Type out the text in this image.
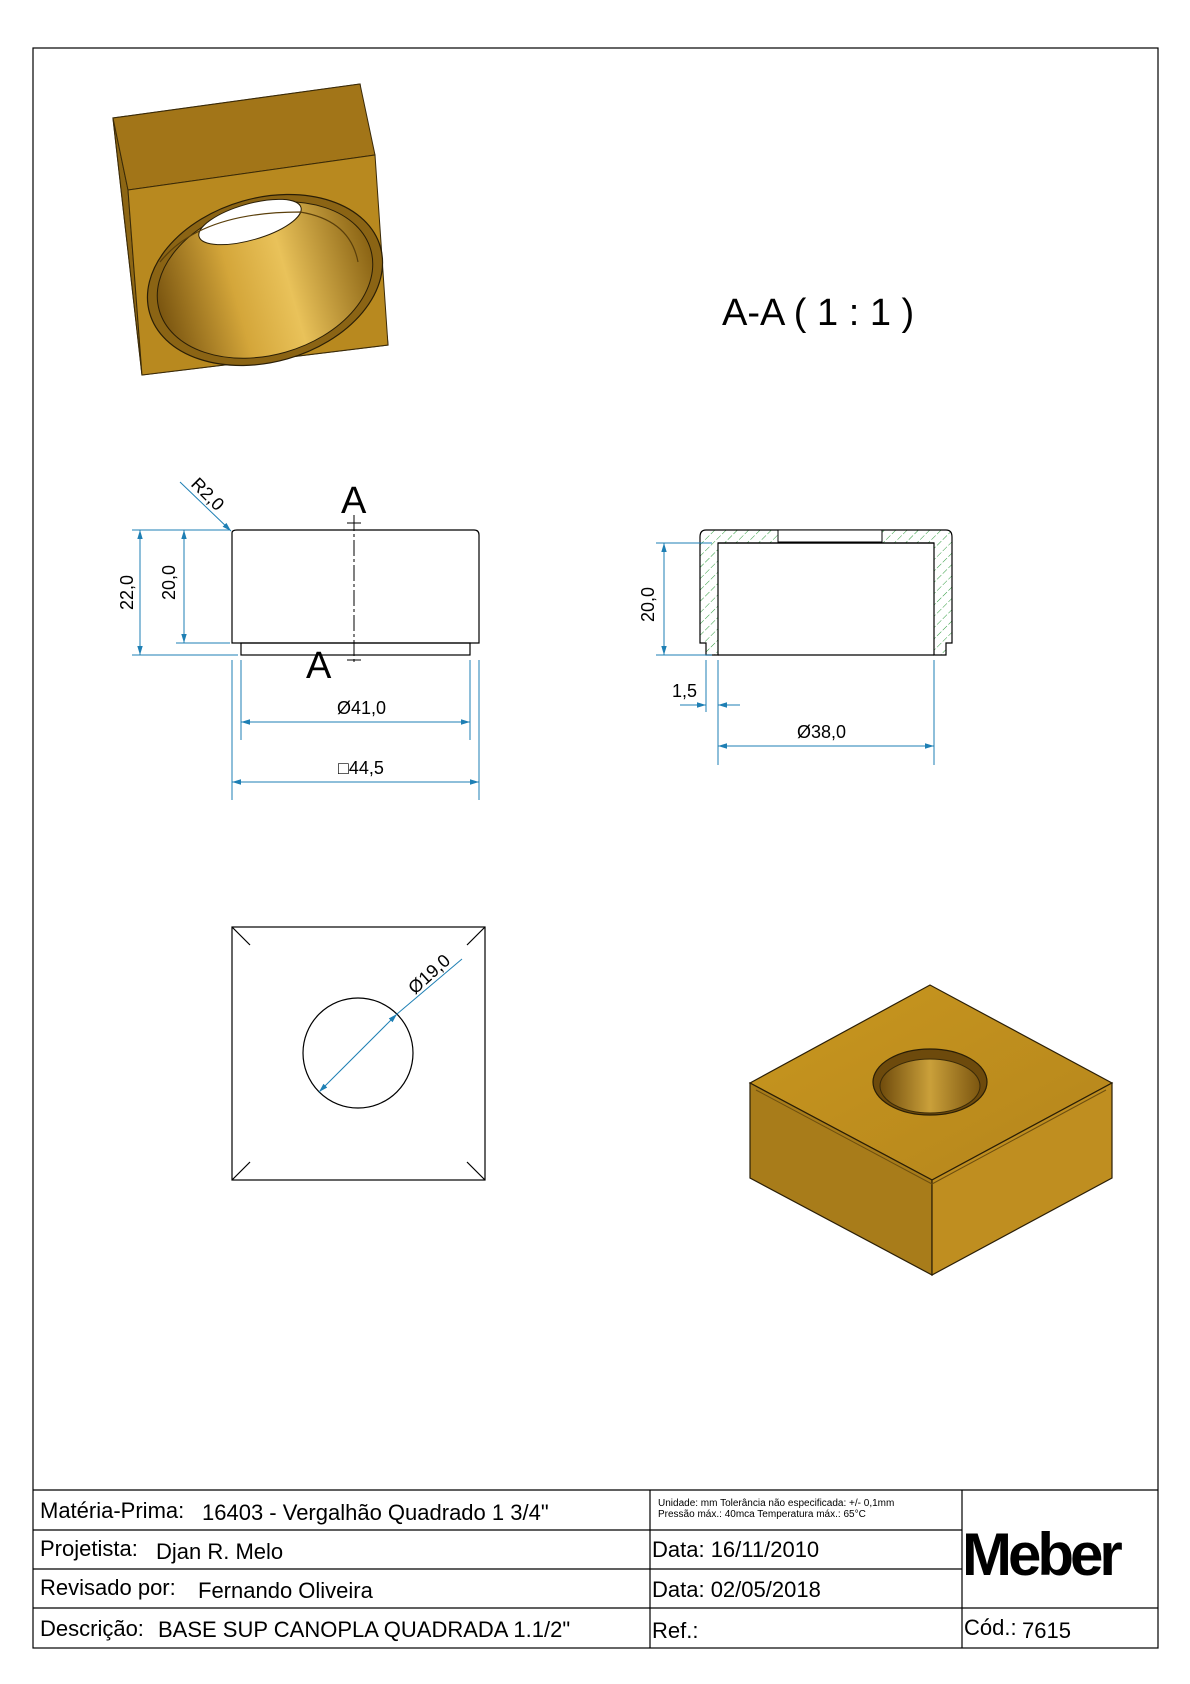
A-A ( 1 : 1 )
A
A
R2,0
22,0 20,0
Ø41,0
□44,5
20,0
1,5
Ø38,0
Ø19,0
Matéria-Prima: 16403 - Vergalhão Quadrado 1 3/4"
Projetista: Djan R. Melo
Revisado por: Fernando Oliveira
Descrição: BASE SUP CANOPLA QUADRADA 1.1/2"
Unidade: mm Tolerância não especificada: +/- 0,1mm
Pressão máx.: 40mca Temperatura máx.: 65°C
Data: 16/11/2010
Data: 02/05/2018
Ref.:
Meber
Cód.: 7615
